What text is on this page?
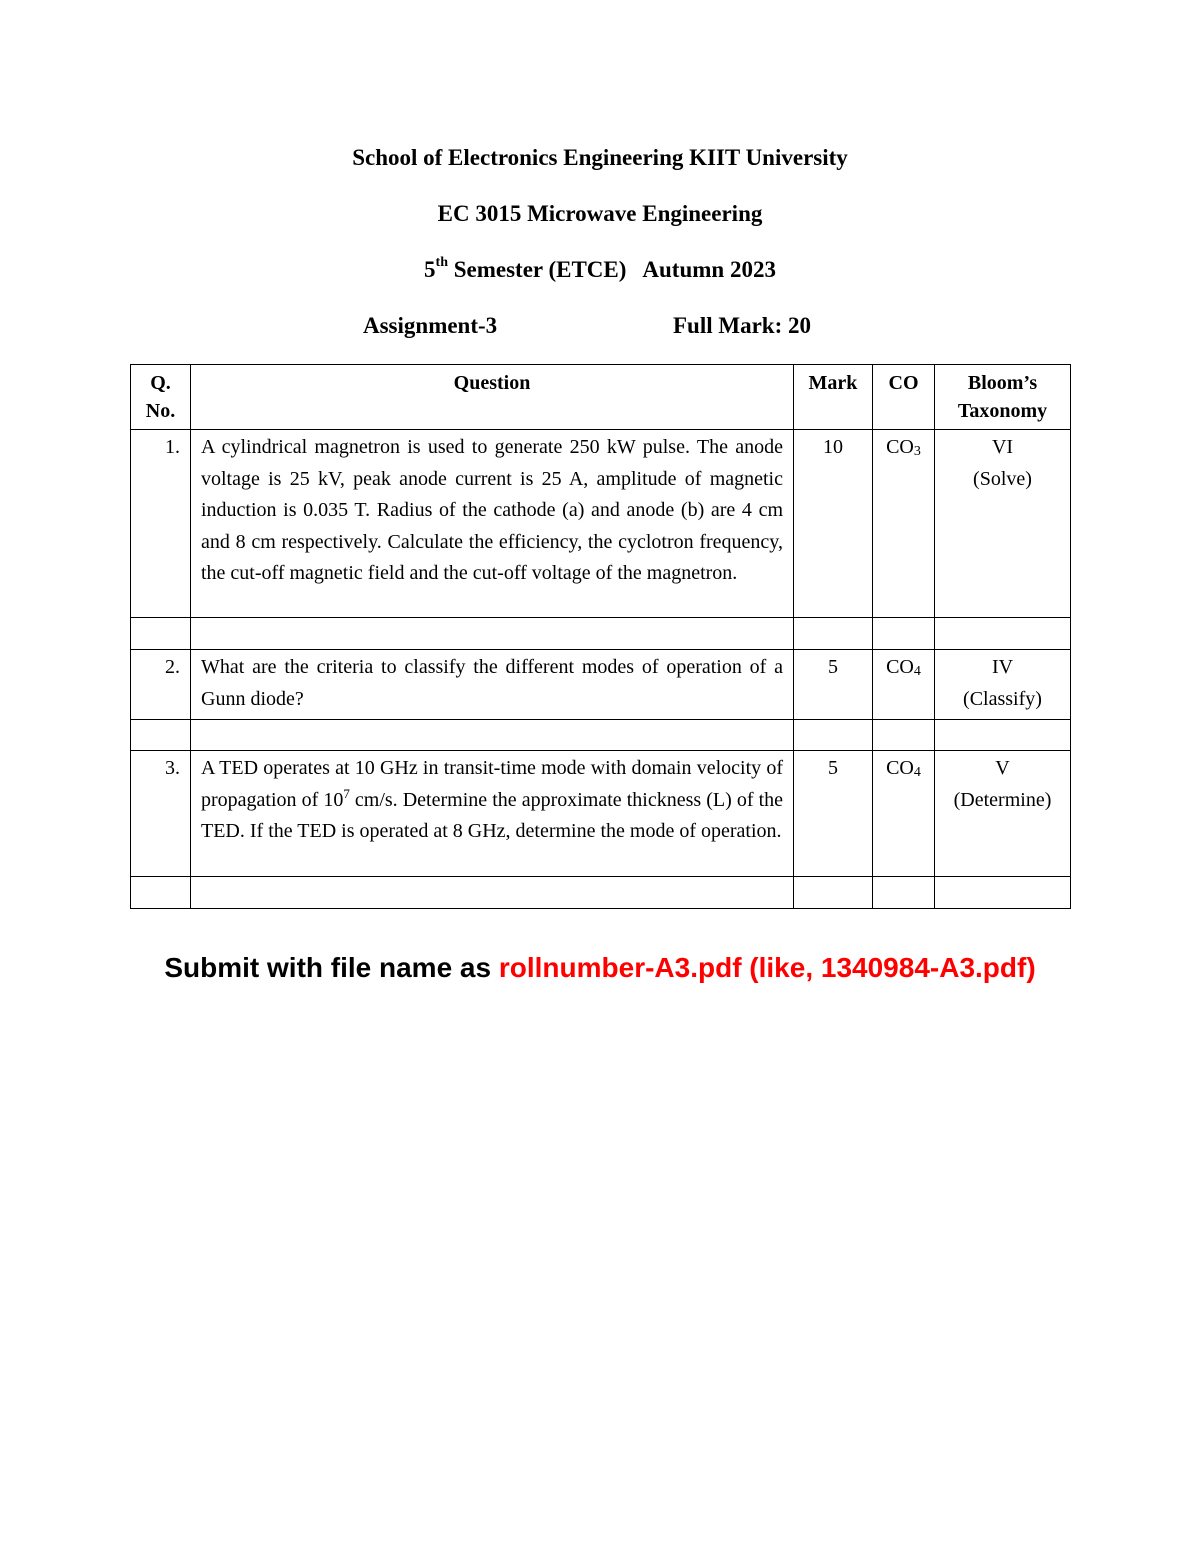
School of Electronics Engineering KIIT University
EC 3015 Microwave Engineering
5th Semester (ETCE)   Autumn 2023
Assignment-3	Full Mark: 20
Q. No.	Question	Mark	CO	Bloom’s Taxonomy
1.	A cylindrical magnetron is used to generate 250 kW pulse. The anode voltage is 25 kV, peak anode current is 25 A, amplitude of magnetic induction is 0.035 T. Radius of the cathode (a) and anode (b) are 4 cm and 8 cm respectively. Calculate the efficiency, the cyclotron frequency, the cut-off magnetic field and the cut-off voltage of the magnetron.	10	CO3	VI
(Solve)

2.	What are the criteria to classify the different modes of operation of a Gunn diode?	5	CO4	IV
(Classify)

3.	A TED operates at 10 GHz in transit-time mode with domain velocity of propagation of $10^7$ cm/s. Determine the approximate thickness (L) of the TED. If the TED is operated at 8 GHz, determine the mode of operation.	5	CO4	V
(Determine)

Submit with file name as rollnumber-A3.pdf (like, 1340984-A3.pdf)
